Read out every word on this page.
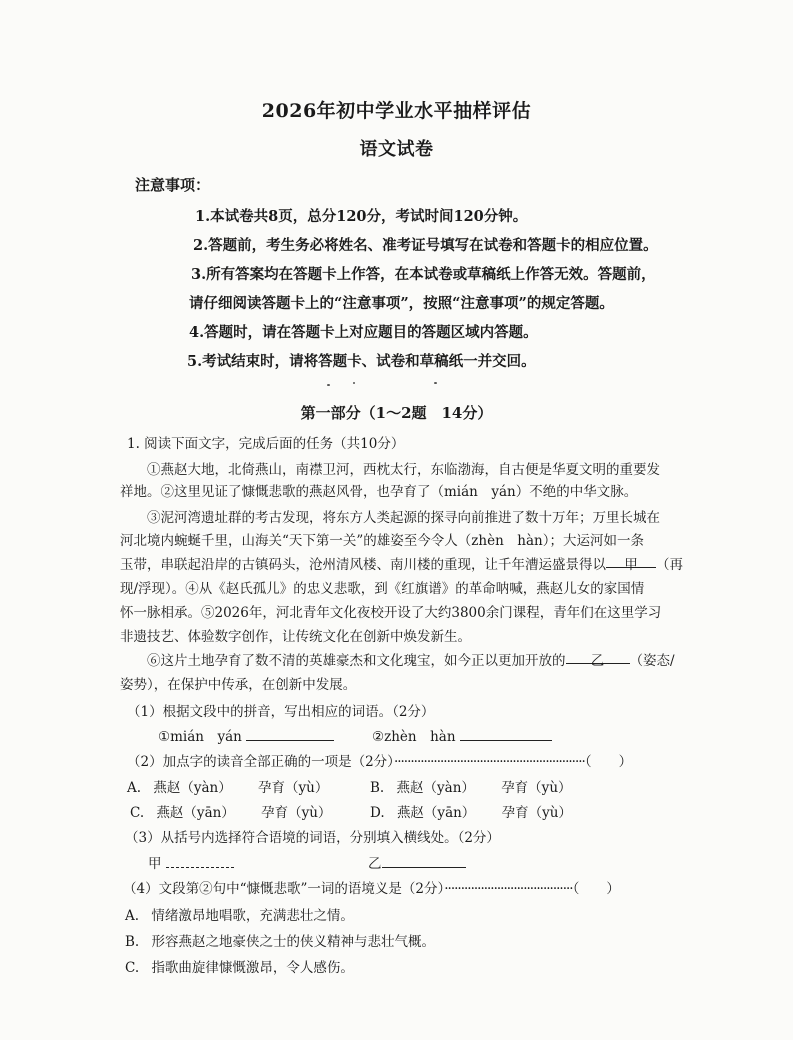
2026年初中学业水平抽样评估
语文试卷
注意事项：
1.本试卷共8页，总分120分，考试时间120分钟。
2.答题前，考生务必将姓名、准考证号填写在试卷和答题卡的相应位置。
3.所有答案均在答题卡上作答，在本试卷或草稿纸上作答无效。答题前，
请仔细阅读答题卡上的“注意事项”，按照“注意事项”的规定答题。
4.答题时，请在答题卡上对应题目的答题区域内答题。
5.考试结束时，请将答题卡、试卷和草稿纸一并交回。
第一部分（1～2题　14分）
1. 阅读下面文字，完成后面的任务（共10分）
①燕赵大地，北倚燕山，南襟卫河，西枕太行，东临渤海，自古便是华夏文明的重要发
祥地。②这里见证了慷慨悲歌的燕赵风骨，也孕育了（mián　yán）不绝的中华文脉。
③泥河湾遗址群的考古发现，将东方人类起源的探寻向前推进了数十万年；万里长城在
河北境内蜿蜒千里，山海关“天下第一关”的雄姿至今令人（zhèn　hàn）；大运河如一条
玉带，串联起沿岸的古镇码头，沧州清风楼、南川楼的重现，让千年漕运盛景得以 甲 （再
现/浮现）。④从《赵氏孤儿》的忠义悲歌，到《红旗谱》的革命呐喊，燕赵儿女的家国情
怀一脉相承。⑤2026年，河北青年文化夜校开设了大约3800余门课程，青年们在这里学习
非遗技艺、体验数字创作，让传统文化在创新中焕发新生。
⑥这片土地孕育了数不清的英雄豪杰和文化瑰宝，如今正以更加开放的 乙 （姿态/
姿势），在保护中传承，在创新中发展。
（1）根据文段中的拼音，写出相应的词语。（2分）
①mián　yán	②zhèn　hàn
（2）加点字的读音全部正确的一项是（2分）··························································（　　）
A. 燕赵（yàn） 孕育（yù）	B. 燕赵（yàn） 孕育（yù）
C. 燕赵（yān） 孕育（yù）	D. 燕赵（yān） 孕育（yù）
（3）从括号内选择符合语境的词语，分别填入横线处。（2分）
甲	乙
（4）文段第②句中“慷慨悲歌”一词的语境义是（2分）·······································（　　）
A. 情绪激昂地唱歌，充满悲壮之情。
B. 形容燕赵之地豪侠之士的侠义精神与悲壮气概。
C. 指歌曲旋律慷慨激昂，令人感伤。
